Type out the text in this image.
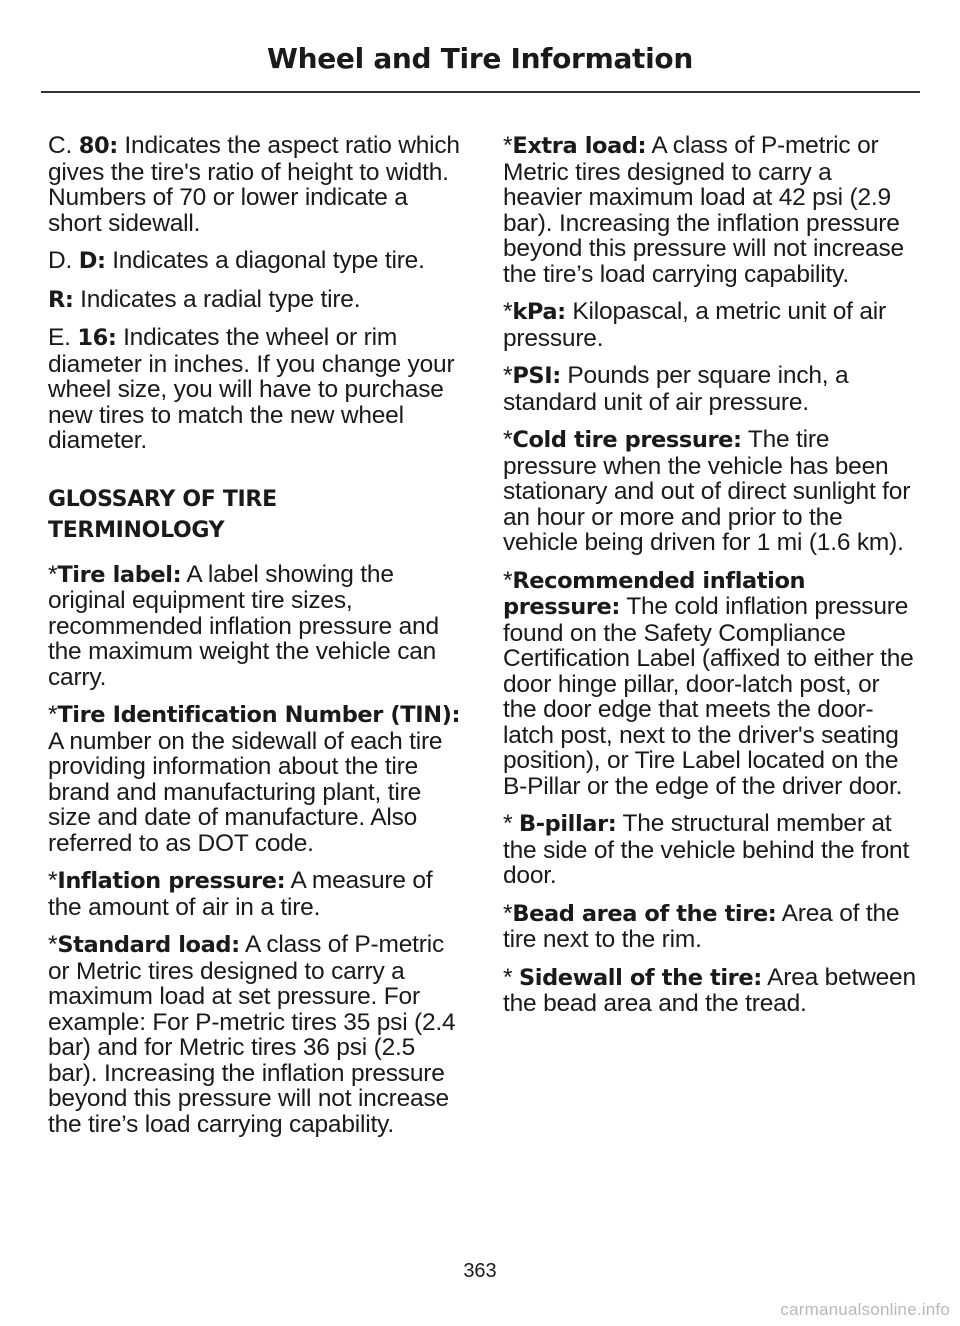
Wheel and Tire Information

C. 80: Indicates the aspect ratio which gives the tire's ratio of height to width. Numbers of 70 or lower indicate a short sidewall.

D. D: Indicates a diagonal type tire.

R: Indicates a radial type tire.

E. 16: Indicates the wheel or rim diameter in inches. If you change your wheel size, you will have to purchase new tires to match the new wheel diameter.

GLOSSARY OF TIRE TERMINOLOGY

*Tire label: A label showing the original equipment tire sizes, recommended inflation pressure and the maximum weight the vehicle can carry.

*Tire Identification Number (TIN): A number on the sidewall of each tire providing information about the tire brand and manufacturing plant, tire size and date of manufacture. Also referred to as DOT code.

*Inflation pressure: A measure of the amount of air in a tire.

*Standard load: A class of P-metric or Metric tires designed to carry a maximum load at set pressure. For example: For P-metric tires 35 psi (2.4 bar) and for Metric tires 36 psi (2.5 bar). Increasing the inflation pressure beyond this pressure will not increase the tire’s load carrying capability.

*Extra load: A class of P-metric or Metric tires designed to carry a heavier maximum load at 42 psi (2.9 bar). Increasing the inflation pressure beyond this pressure will not increase the tire’s load carrying capability.

*kPa: Kilopascal, a metric unit of air pressure.

*PSI: Pounds per square inch, a standard unit of air pressure.

*Cold tire pressure: The tire pressure when the vehicle has been stationary and out of direct sunlight for an hour or more and prior to the vehicle being driven for 1 mi (1.6 km).

*Recommended inflation pressure: The cold inflation pressure found on the Safety Compliance Certification Label (affixed to either the door hinge pillar, door-latch post, or the door edge that meets the door-latch post, next to the driver's seating position), or Tire Label located on the B-Pillar or the edge of the driver door.

* B-pillar: The structural member at the side of the vehicle behind the front door.

*Bead area of the tire: Area of the tire next to the rim.

* Sidewall of the tire: Area between the bead area and the tread.

363
carmanualsonline.info
